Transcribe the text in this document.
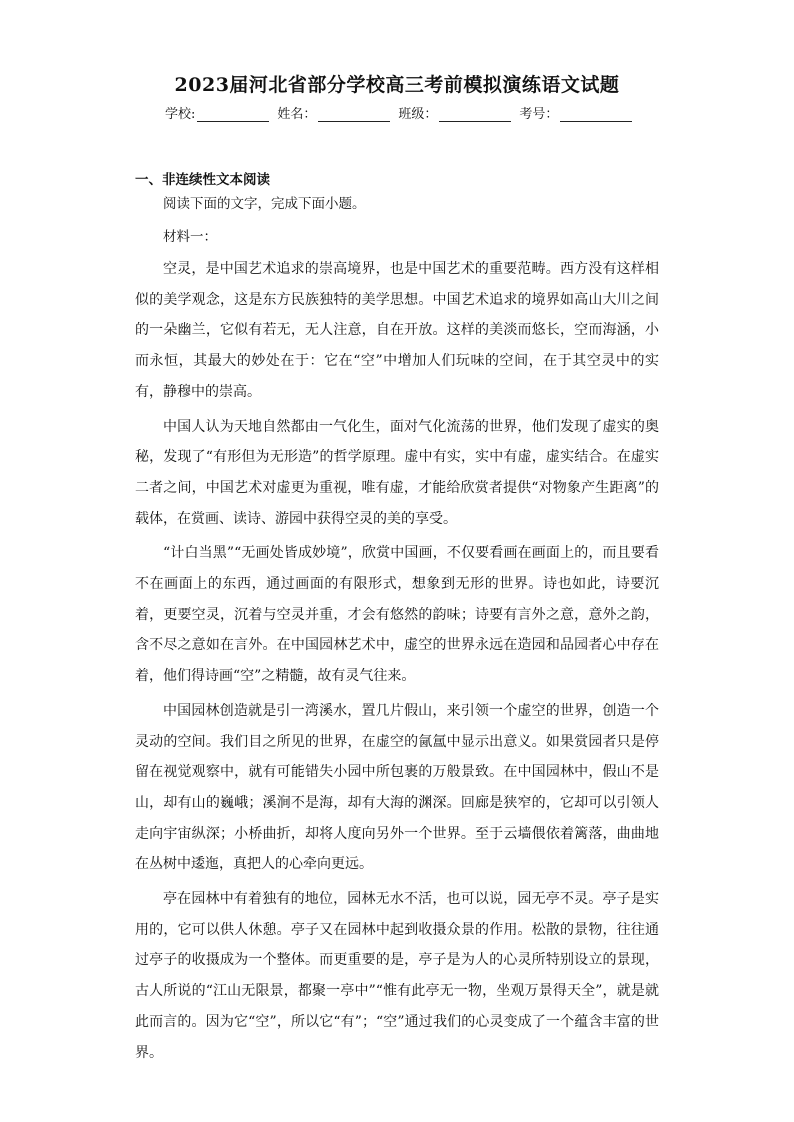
2023届河北省部分学校高三考前模拟演练语文试题
学校:	姓名：	班级：	考号：
一、非连续性文本阅读
阅读下面的文字，完成下面小题。
材料一：

空灵，是中国艺术追求的崇高境界，也是中国艺术的重要范畴。西方没有这样相似的美学观念，这是东方民族独特的美学思想。中国艺术追求的境界如高山大川之间的一朵幽兰，它似有若无，无人注意，自在开放。这样的美淡而悠长，空而海涵，小而永恒，其最大的妙处在于：它在“空”中增加人们玩味的空间，在于其空灵中的实有，静穆中的崇高。

中国人认为天地自然都由一气化生，面对气化流荡的世界，他们发现了虚实的奥秘，发现了“有形但为无形造”的哲学原理。虚中有实，实中有虚，虚实结合。在虚实二者之间，中国艺术对虚更为重视，唯有虚，才能给欣赏者提供“对物象产生距离”的载体，在赏画、读诗、游园中获得空灵的美的享受。

“计白当黑”“无画处皆成妙境”，欣赏中国画，不仅要看画在画面上的，而且要看不在画面上的东西，通过画面的有限形式，想象到无形的世界。诗也如此，诗要沉着，更要空灵，沉着与空灵并重，才会有悠然的韵味；诗要有言外之意，意外之韵，含不尽之意如在言外。在中国园林艺术中，虚空的世界永远在造园和品园者心中存在着，他们得诗画“空”之精髓，故有灵气往来。

中国园林创造就是引一湾溪水，置几片假山，来引领一个虚空的世界，创造一个灵动的空间。我们目之所见的世界，在虚空的氤氲中显示出意义。如果赏园者只是停留在视觉观察中，就有可能错失小园中所包裹的万般景致。在中国园林中，假山不是山，却有山的巍峨；溪涧不是海，却有大海的渊深。回廊是狭窄的，它却可以引领人走向宇宙纵深；小桥曲折，却将人度向另外一个世界。至于云墙偎依着篱落，曲曲地在丛树中逶迤，真把人的心牵向更远。

亭在园林中有着独有的地位，园林无水不活，也可以说，园无亭不灵。亭子是实用的，它可以供人休憩。亭子又在园林中起到收摄众景的作用。松散的景物，往往通过亭子的收摄成为一个整体。而更重要的是，亭子是为人的心灵所特别设立的景现，古人所说的“江山无限景，都聚一亭中”“惟有此亭无一物，坐观万景得天全”，就是就此而言的。因为它“空”，所以它“有”；“空”通过我们的心灵变成了一个蕴含丰富的世界。
